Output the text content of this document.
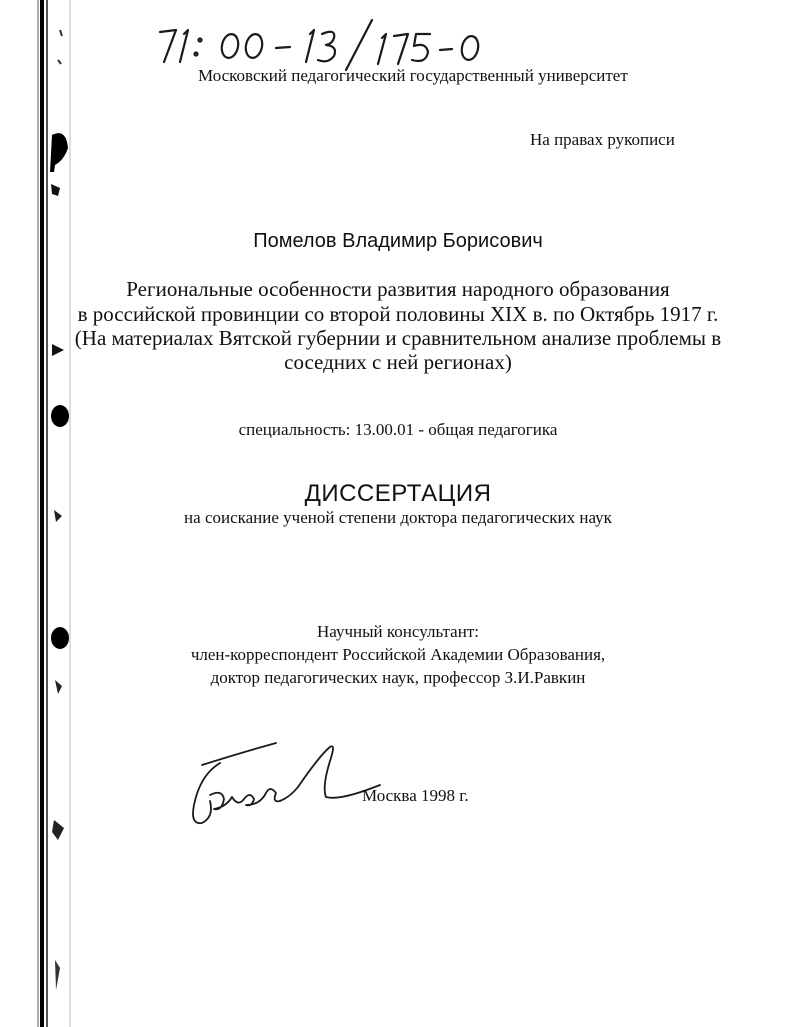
Московский педагогический государственный университет
На правах рукописи
Помелов Владимир Борисович
Региональные особенности развития народного образования
в российской провинции со второй половины XIX в. по Октябрь 1917 г.
(На материалах Вятской губернии и сравнительном анализе проблемы в
соседних с ней регионах)
специальность: 13.00.01 - общая педагогика
ДИССЕРТАЦИЯ
на соискание ученой степени доктора педагогических наук
Научный консультант:
член-корреспондент Российской Академии Образования,
доктор педагогических наук, профессор З.И.Равкин
Москва 1998 г.
